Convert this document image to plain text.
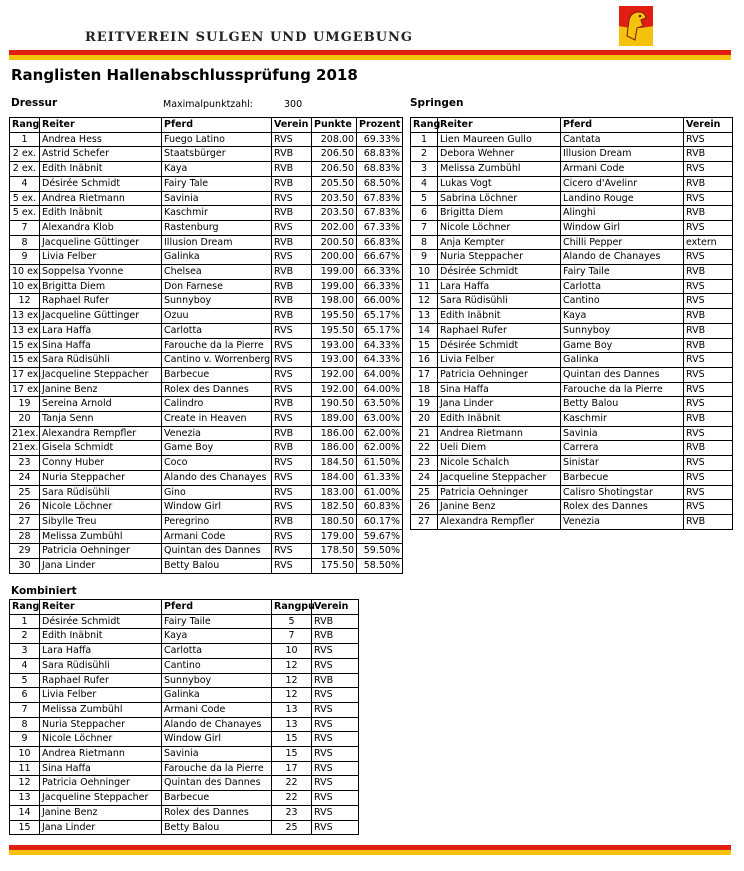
REITVEREIN SULGEN UND UMGEBUNG
Ranglisten Hallenabschlussprüfung 2018
Dressur	Maximalpunktzahl:	300	Springen
Rang	Reiter	Pferd	Verein	Punkte	Prozent
1	Andrea Hess	Fuego Latino	RVS	208.00	69.33%
2 ex.	Astrid Schefer	Staatsbürger	RVB	206.50	68.83%
2 ex.	Edith Inäbnit	Kaya	RVB	206.50	68.83%
4	Désirée Schmidt	Fairy Tale	RVB	205.50	68.50%
5 ex.	Andrea Rietmann	Savinia	RVS	203.50	67.83%
5 ex.	Edith Inäbnit	Kaschmir	RVB	203.50	67.83%
7	Alexandra Klob	Rastenburg	RVS	202.00	67.33%
8	Jacqueline Güttinger	Illusion Dream	RVB	200.50	66.83%
9	Livia Felber	Galinka	RVS	200.00	66.67%
10 ex.	Soppelsa Yvonne	Chelsea	RVB	199.00	66.33%
10 ex.	Brigitta Diem	Don Farnese	RVB	199.00	66.33%
12	Raphael Rufer	Sunnyboy	RVB	198.00	66.00%
13 ex.	Jacqueline Güttinger	Ozuu	RVB	195.50	65.17%
13 ex.	Lara Haffa	Carlotta	RVS	195.50	65.17%
15 ex.	Sina Haffa	Farouche da la Pierre	RVS	193.00	64.33%
15 ex.	Sara Rüdisühli	Cantino v. Worrenberg	RVS	193.00	64.33%
17 ex.	Jacqueline Steppacher	Barbecue	RVS	192.00	64.00%
17 ex.	Janine Benz	Rolex des Dannes	RVS	192.00	64.00%
19	Sereina Arnold	Calindro	RVB	190.50	63.50%
20	Tanja Senn	Create in Heaven	RVS	189.00	63.00%
21ex.	Alexandra Rempfler	Venezia	RVB	186.00	62.00%
21ex.	Gisela Schmidt	Game Boy	RVB	186.00	62.00%
23	Conny Huber	Coco	RVS	184.50	61.50%
24	Nuria Steppacher	Alando des Chanayes	RVS	184.00	61.33%
25	Sara Rüdisühli	Gino	RVS	183.00	61.00%
26	Nicole Löchner	Window Girl	RVS	182.50	60.83%
27	Sibylle Treu	Peregrino	RVB	180.50	60.17%
28	Melissa Zumbühl	Armani Code	RVS	179.00	59.67%
29	Patricia Oehninger	Quintan des Dannes	RVS	178.50	59.50%
30	Jana Linder	Betty Balou	RVS	175.50	58.50%
Rang	Reiter	Pferd	Verein
1	Lien Maureen Gullo	Cantata	RVS
2	Debora Wehner	Illusion Dream	RVB
3	Melissa Zumbühl	Armani Code	RVS
4	Lukas Vogt	Cicero d'Avelinr	RVB
5	Sabrina Löchner	Landino Rouge	RVS
6	Brigitta Diem	Alinghi	RVB
7	Nicole Löchner	Window Girl	RVS
8	Anja Kempter	Chilli Pepper	extern
9	Nuria Steppacher	Alando de Chanayes	RVS
10	Désirée Schmidt	Fairy Taile	RVB
11	Lara Haffa	Carlotta	RVS
12	Sara Rüdisühli	Cantino	RVS
13	Edith Inäbnit	Kaya	RVB
14	Raphael Rufer	Sunnyboy	RVB
15	Désirée Schmidt	Game Boy	RVB
16	Livia Felber	Galinka	RVS
17	Patricia Oehninger	Quintan des Dannes	RVS
18	Sina Haffa	Farouche da la Pierre	RVS
19	Jana Linder	Betty Balou	RVS
20	Edith Inäbnit	Kaschmir	RVB
21	Andrea Rietmann	Savinia	RVS
22	Ueli Diem	Carrera	RVB
23	Nicole Schalch	Sinistar	RVS
24	Jacqueline Steppacher	Barbecue	RVS
25	Patricia Oehninger	Calisro Shotingstar	RVS
26	Janine Benz	Rolex des Dannes	RVS
27	Alexandra Rempfler	Venezia	RVB
Kombiniert
Rang	Reiter	Pferd	Rangpu	Verein
1	Désirée Schmidt	Fairy Taile	5	RVB
2	Edith Inäbnit	Kaya	7	RVB
3	Lara Haffa	Carlotta	10	RVS
4	Sara Rüdisühli	Cantino	12	RVS
5	Raphael Rufer	Sunnyboy	12	RVB
6	Livia Felber	Galinka	12	RVS
7	Melissa Zumbühl	Armani Code	13	RVS
8	Nuria Steppacher	Alando de Chanayes	13	RVS
9	Nicole Löchner	Window Girl	15	RVS
10	Andrea Rietmann	Savinia	15	RVS
11	Sina Haffa	Farouche da la Pierre	17	RVS
12	Patricia Oehninger	Quintan des Dannes	22	RVS
13	Jacqueline Steppacher	Barbecue	22	RVS
14	Janine Benz	Rolex des Dannes	23	RVS
15	Jana Linder	Betty Balou	25	RVS
